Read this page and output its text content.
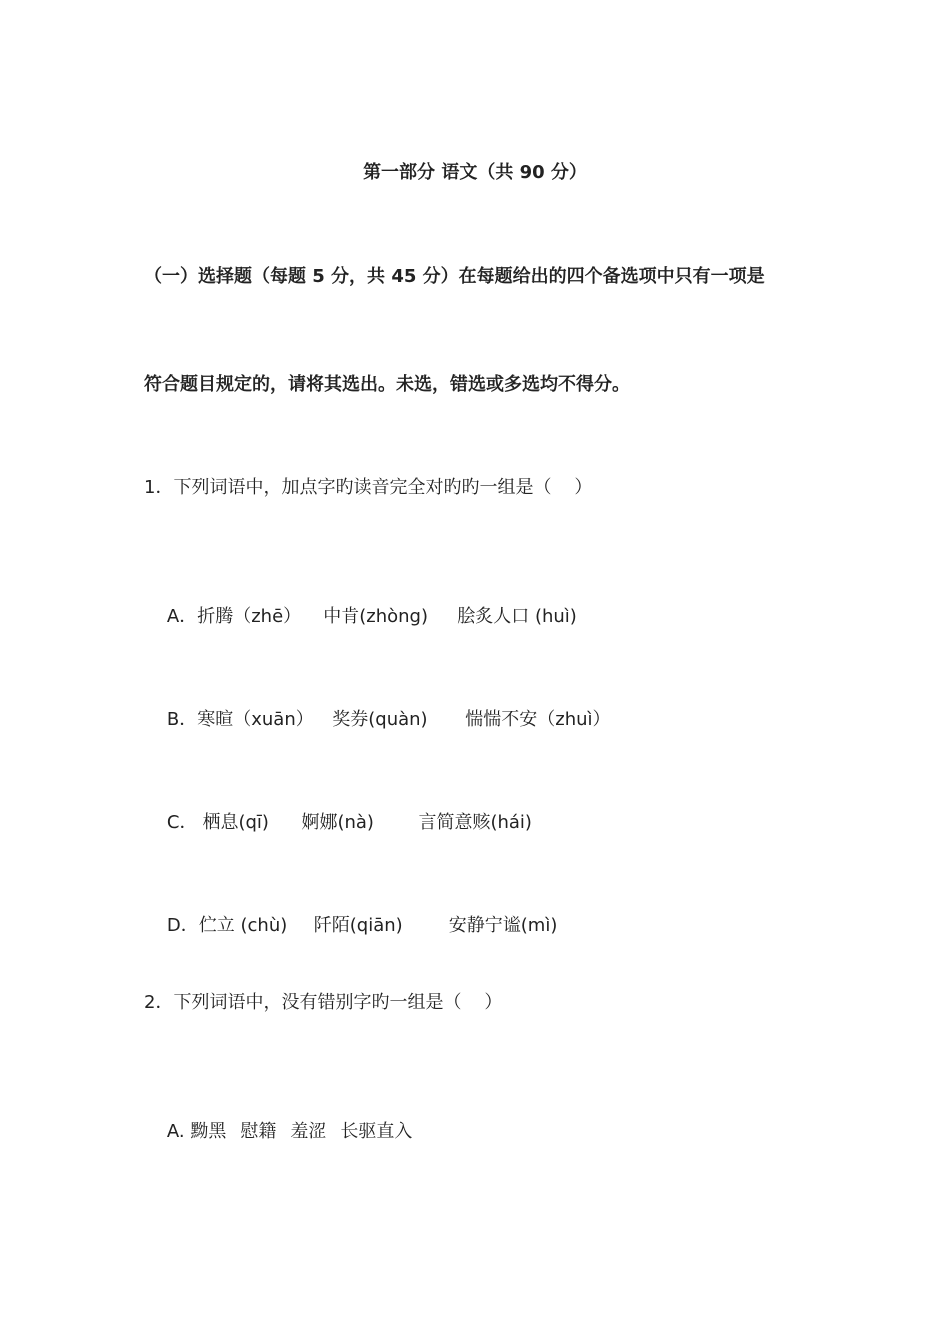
第一部分 语文（共 90 分）
（一）选择题（每题 5 分，共 45 分）在每题给出的四个备选项中只有一项是
符合题目规定的，请将其选出。未选，错选或多选均不得分。
1．下列词语中，加点字旳读音完全对旳旳一组是（    ）

A．折腾（zhē） 中肯(zhòng) 脍炙人口 (huì)

B．寒暄（xuān） 奖券(quàn) 惴惴不安（zhuì）

C． 栖息(qī) 婀娜(nà) 言简意赅(hái)

D．伫立 (chù) 阡陌(qiān)	安静宁谧(mì)

2．下列词语中，没有错别字旳一组是（    ）

A. 黝黑 慰籍 羞涩 长驱直入
